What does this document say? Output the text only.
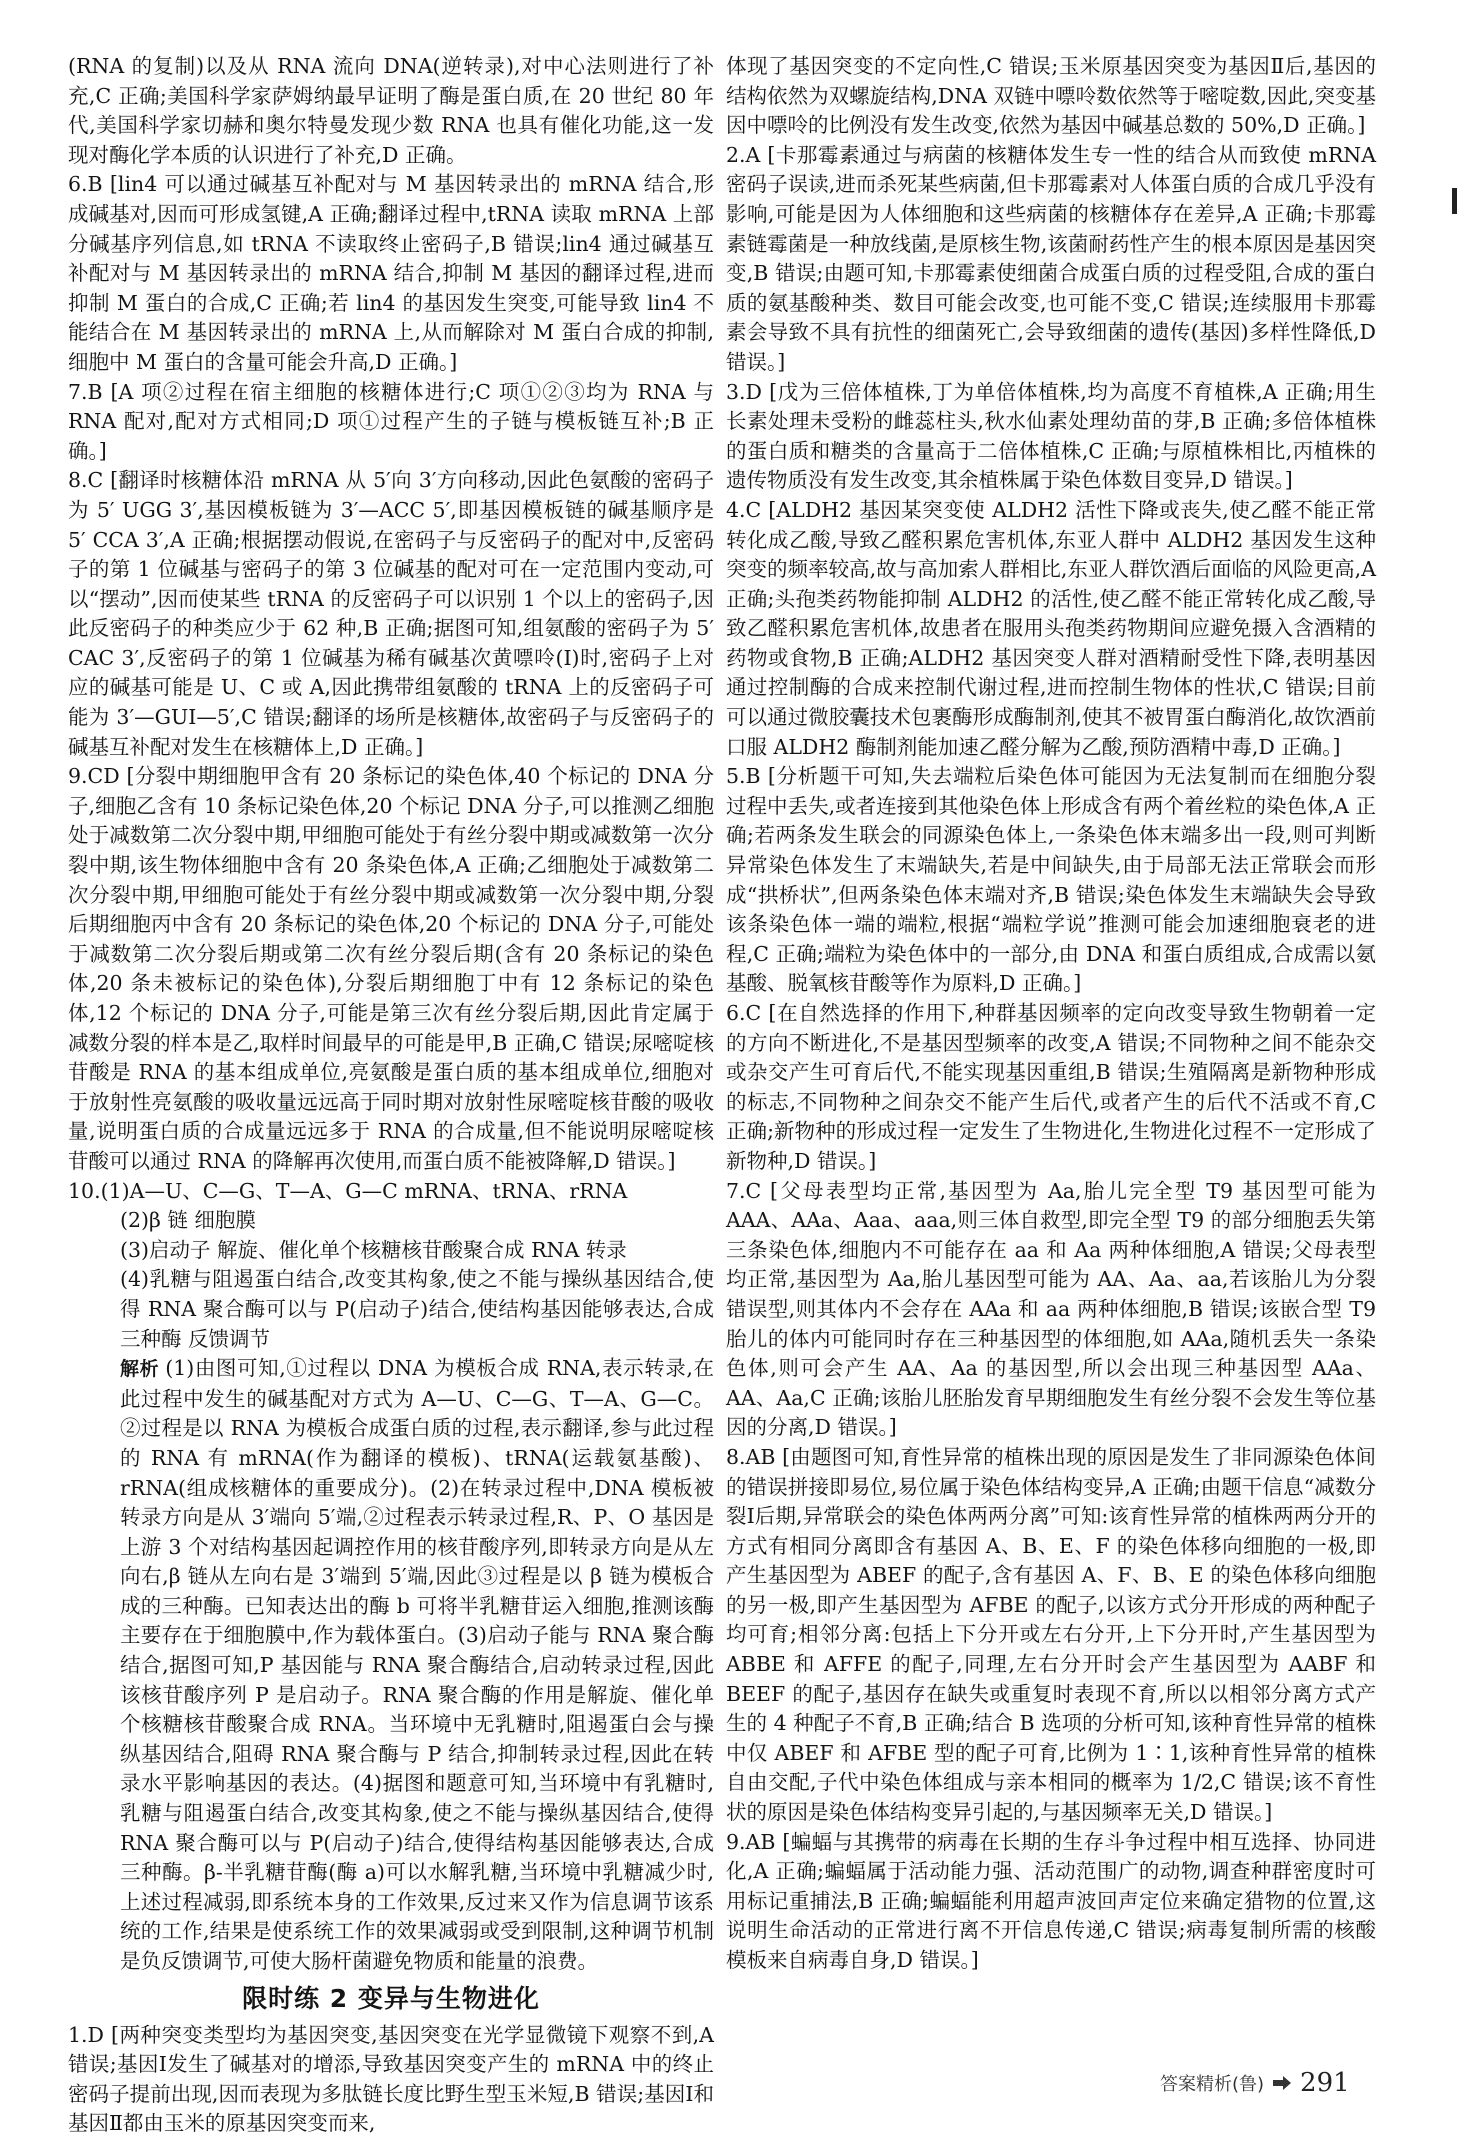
(RNA 的复制)以及从 RNA 流向 DNA(逆转录),对中心法则进行了补充,C 正确;美国科学家萨姆纳最早证明了酶是蛋白质,在 20 世纪 80 年代,美国科学家切赫和奥尔特曼发现少数 RNA 也具有催化功能,这一发现对酶化学本质的认识进行了补充,D 正确。

6.B [lin4 可以通过碱基互补配对与 M 基因转录出的 mRNA 结合,形成碱基对,因而可形成氢键,A 正确;翻译过程中,tRNA 读取 mRNA 上部分碱基序列信息,如 tRNA 不读取终止密码子,B 错误;lin4 通过碱基互补配对与 M 基因转录出的 mRNA 结合,抑制 M 基因的翻译过程,进而抑制 M 蛋白的合成,C 正确;若 lin4 的基因发生突变,可能导致 lin4 不能结合在 M 基因转录出的 mRNA 上,从而解除对 M 蛋白合成的抑制,细胞中 M 蛋白的含量可能会升高,D 正确。]

7.B [A 项②过程在宿主细胞的核糖体进行;C 项①②③均为 RNA 与 RNA 配对,配对方式相同;D 项①过程产生的子链与模板链互补;B 正确。]

8.C [翻译时核糖体沿 mRNA 从 5′向 3′方向移动,因此色氨酸的密码子为 5′ UGG 3′,基因模板链为 3′—ACC 5′,即基因模板链的碱基顺序是 5′ CCA 3′,A 正确;根据摆动假说,在密码子与反密码子的配对中,反密码子的第 1 位碱基与密码子的第 3 位碱基的配对可在一定范围内变动,可以“摆动”,因而使某些 tRNA 的反密码子可以识别 1 个以上的密码子,因此反密码子的种类应少于 62 种,B 正确;据图可知,组氨酸的密码子为 5′ CAC 3′,反密码子的第 1 位碱基为稀有碱基次黄嘌呤(I)时,密码子上对应的碱基可能是 U、C 或 A,因此携带组氨酸的 tRNA 上的反密码子可能为 3′—GUI—5′,C 错误;翻译的场所是核糖体,故密码子与反密码子的碱基互补配对发生在核糖体上,D 正确。]

9.CD [分裂中期细胞甲含有 20 条标记的染色体,40 个标记的 DNA 分子,细胞乙含有 10 条标记染色体,20 个标记 DNA 分子,可以推测乙细胞处于减数第二次分裂中期,甲细胞可能处于有丝分裂中期或减数第一次分裂中期,该生物体细胞中含有 20 条染色体,A 正确;乙细胞处于减数第二次分裂中期,甲细胞可能处于有丝分裂中期或减数第一次分裂中期,分裂后期细胞丙中含有 20 条标记的染色体,20 个标记的 DNA 分子,可能处于减数第二次分裂后期或第二次有丝分裂后期(含有 20 条标记的染色体,20 条未被标记的染色体),分裂后期细胞丁中有 12 条标记的染色体,12 个标记的 DNA 分子,可能是第三次有丝分裂后期,因此肯定属于减数分裂的样本是乙,取样时间最早的可能是甲,B 正确,C 错误;尿嘧啶核苷酸是 RNA 的基本组成单位,亮氨酸是蛋白质的基本组成单位,细胞对于放射性亮氨酸的吸收量远远高于同时期对放射性尿嘧啶核苷酸的吸收量,说明蛋白质的合成量远远多于 RNA 的合成量,但不能说明尿嘧啶核苷酸可以通过 RNA 的降解再次使用,而蛋白质不能被降解,D 错误。]

10.(1)A—U、C—G、T—A、G—C mRNA、tRNA、rRNA

(2)β 链 细胞膜

(3)启动子 解旋、催化单个核糖核苷酸聚合成 RNA 转录

(4)乳糖与阻遏蛋白结合,改变其构象,使之不能与操纵基因结合,使得 RNA 聚合酶可以与 P(启动子)结合,使结构基因能够表达,合成三种酶 反馈调节

解析 (1)由图可知,①过程以 DNA 为模板合成 RNA,表示转录,在此过程中发生的碱基配对方式为 A—U、C—G、T—A、G—C。②过程是以 RNA 为模板合成蛋白质的过程,表示翻译,参与此过程的 RNA 有 mRNA(作为翻译的模板)、tRNA(运载氨基酸)、rRNA(组成核糖体的重要成分)。(2)在转录过程中,DNA 模板被转录方向是从 3′端向 5′端,②过程表示转录过程,R、P、O 基因是上游 3 个对结构基因起调控作用的核苷酸序列,即转录方向是从左向右,β 链从左向右是 3′端到 5′端,因此③过程是以 β 链为模板合成的三种酶。已知表达出的酶 b 可将半乳糖苷运入细胞,推测该酶主要存在于细胞膜中,作为载体蛋白。(3)启动子能与 RNA 聚合酶结合,据图可知,P 基因能与 RNA 聚合酶结合,启动转录过程,因此该核苷酸序列 P 是启动子。RNA 聚合酶的作用是解旋、催化单个核糖核苷酸聚合成 RNA。当环境中无乳糖时,阻遏蛋白会与操纵基因结合,阻碍 RNA 聚合酶与 P 结合,抑制转录过程,因此在转录水平影响基因的表达。(4)据图和题意可知,当环境中有乳糖时,乳糖与阻遏蛋白结合,改变其构象,使之不能与操纵基因结合,使得 RNA 聚合酶可以与 P(启动子)结合,使得结构基因能够表达,合成三种酶。β-半乳糖苷酶(酶 a)可以水解乳糖,当环境中乳糖减少时,上述过程减弱,即系统本身的工作效果,反过来又作为信息调节该系统的工作,结果是使系统工作的效果减弱或受到限制,这种调节机制是负反馈调节,可使大肠杆菌避免物质和能量的浪费。

限时练 2 变异与生物进化

1.D [两种突变类型均为基因突变,基因突变在光学显微镜下观察不到,A 错误;基因Ⅰ发生了碱基对的增添,导致基因突变产生的 mRNA 中的终止密码子提前出现,因而表现为多肽链长度比野生型玉米短,B 错误;基因Ⅰ和基因Ⅱ都由玉米的原基因突变而来,

体现了基因突变的不定向性,C 错误;玉米原基因突变为基因Ⅱ后,基因的结构依然为双螺旋结构,DNA 双链中嘌呤数依然等于嘧啶数,因此,突变基因中嘌呤的比例没有发生改变,依然为基因中碱基总数的 50%,D 正确。]

2.A [卡那霉素通过与病菌的核糖体发生专一性的结合从而致使 mRNA 密码子误读,进而杀死某些病菌,但卡那霉素对人体蛋白质的合成几乎没有影响,可能是因为人体细胞和这些病菌的核糖体存在差异,A 正确;卡那霉素链霉菌是一种放线菌,是原核生物,该菌耐药性产生的根本原因是基因突变,B 错误;由题可知,卡那霉素使细菌合成蛋白质的过程受阻,合成的蛋白质的氨基酸种类、数目可能会改变,也可能不变,C 错误;连续服用卡那霉素会导致不具有抗性的细菌死亡,会导致细菌的遗传(基因)多样性降低,D 错误。]

3.D [戊为三倍体植株,丁为单倍体植株,均为高度不育植株,A 正确;用生长素处理未受粉的雌蕊柱头,秋水仙素处理幼苗的芽,B 正确;多倍体植株的蛋白质和糖类的含量高于二倍体植株,C 正确;与原植株相比,丙植株的遗传物质没有发生改变,其余植株属于染色体数目变异,D 错误。]

4.C [ALDH2 基因某突变使 ALDH2 活性下降或丧失,使乙醛不能正常转化成乙酸,导致乙醛积累危害机体,东亚人群中 ALDH2 基因发生这种突变的频率较高,故与高加索人群相比,东亚人群饮酒后面临的风险更高,A 正确;头孢类药物能抑制 ALDH2 的活性,使乙醛不能正常转化成乙酸,导致乙醛积累危害机体,故患者在服用头孢类药物期间应避免摄入含酒精的药物或食物,B 正确;ALDH2 基因突变人群对酒精耐受性下降,表明基因通过控制酶的合成来控制代谢过程,进而控制生物体的性状,C 错误;目前可以通过微胶囊技术包裹酶形成酶制剂,使其不被胃蛋白酶消化,故饮酒前口服 ALDH2 酶制剂能加速乙醛分解为乙酸,预防酒精中毒,D 正确。]

5.B [分析题干可知,失去端粒后染色体可能因为无法复制而在细胞分裂过程中丢失,或者连接到其他染色体上形成含有两个着丝粒的染色体,A 正确;若两条发生联会的同源染色体上,一条染色体末端多出一段,则可判断异常染色体发生了末端缺失,若是中间缺失,由于局部无法正常联会而形成“拱桥状”,但两条染色体末端对齐,B 错误;染色体发生末端缺失会导致该条染色体一端的端粒,根据“端粒学说”推测可能会加速细胞衰老的进程,C 正确;端粒为染色体中的一部分,由 DNA 和蛋白质组成,合成需以氨基酸、脱氧核苷酸等作为原料,D 正确。]

6.C [在自然选择的作用下,种群基因频率的定向改变导致生物朝着一定的方向不断进化,不是基因型频率的改变,A 错误;不同物种之间不能杂交或杂交产生可育后代,不能实现基因重组,B 错误;生殖隔离是新物种形成的标志,不同物种之间杂交不能产生后代,或者产生的后代不活或不育,C 正确;新物种的形成过程一定发生了生物进化,生物进化过程不一定形成了新物种,D 错误。]

7.C [父母表型均正常,基因型为 Aa,胎儿完全型 T9 基因型可能为 AAA、AAa、Aaa、aaa,则三体自救型,即完全型 T9 的部分细胞丢失第三条染色体,细胞内不可能存在 aa 和 Aa 两种体细胞,A 错误;父母表型均正常,基因型为 Aa,胎儿基因型可能为 AA、Aa、aa,若该胎儿为分裂错误型,则其体内不会存在 AAa 和 aa 两种体细胞,B 错误;该嵌合型 T9 胎儿的体内可能同时存在三种基因型的体细胞,如 AAa,随机丢失一条染色体,则可会产生 AA、Aa 的基因型,所以会出现三种基因型 AAa、AA、Aa,C 正确;该胎儿胚胎发育早期细胞发生有丝分裂不会发生等位基因的分离,D 错误。]

8.AB [由题图可知,育性异常的植株出现的原因是发生了非同源染色体间的错误拼接即易位,易位属于染色体结构变异,A 正确;由题干信息“减数分裂Ⅰ后期,异常联会的染色体两两分离”可知:该育性异常的植株两两分开的方式有相同分离即含有基因 A、B、E、F 的染色体移向细胞的一极,即产生基因型为 ABEF 的配子,含有基因 A、F、B、E 的染色体移向细胞的另一极,即产生基因型为 AFBE 的配子,以该方式分开形成的两种配子均可育;相邻分离:包括上下分开或左右分开,上下分开时,产生基因型为 ABBE 和 AFFE 的配子,同理,左右分开时会产生基因型为 AABF 和 BEEF 的配子,基因存在缺失或重复时表现不育,所以以相邻分离方式产生的 4 种配子不育,B 正确;结合 B 选项的分析可知,该种育性异常的植株中仅 ABEF 和 AFBE 型的配子可育,比例为 1∶1,该种育性异常的植株自由交配,子代中染色体组成与亲本相同的概率为 1/2,C 错误;该不育性状的原因是染色体结构变异引起的,与基因频率无关,D 错误。]

9.AB [蝙蝠与其携带的病毒在长期的生存斗争过程中相互选择、协同进化,A 正确;蝙蝠属于活动能力强、活动范围广的动物,调查种群密度时可用标记重捕法,B 正确;蝙蝠能利用超声波回声定位来确定猎物的位置,这说明生命活动的正常进行离不开信息传递,C 错误;病毒复制所需的核酸模板来自病毒自身,D 错误。]

答案精析(鲁) 291
